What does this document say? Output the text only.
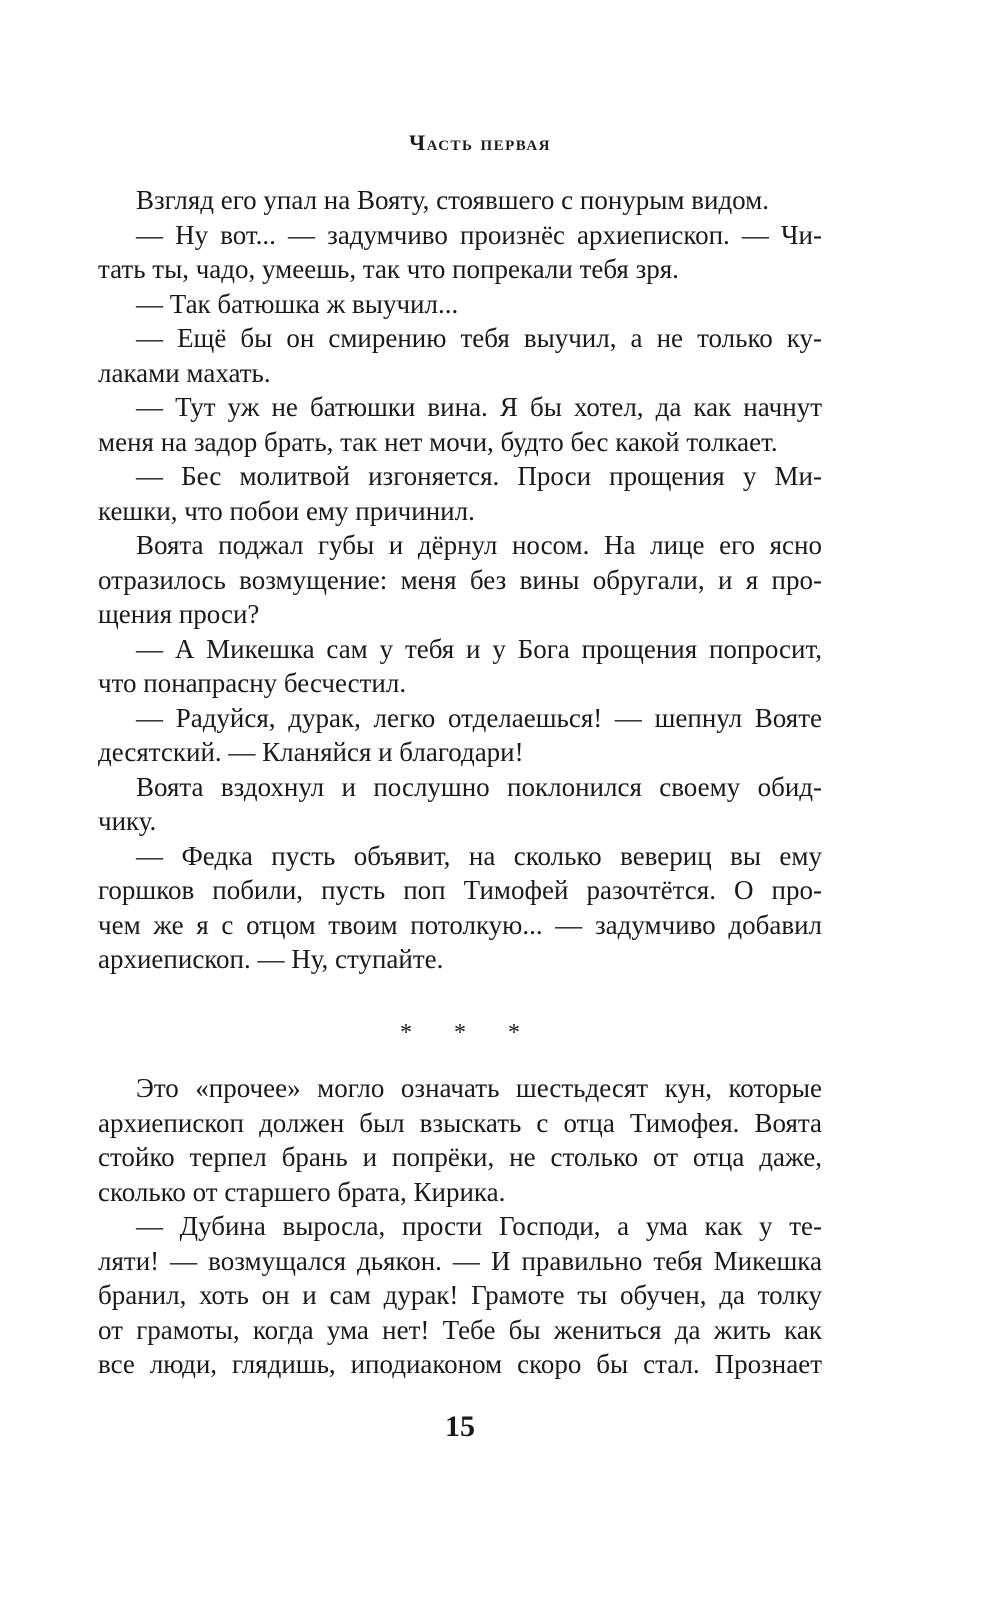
Часть первая
Взгляд его упал на Вояту, стоявшего с понурым видом.
— Ну вот... — задумчиво произнёс архиепископ. — Чи-
тать ты, чадо, умеешь, так что попрекали тебя зря.
— Так батюшка ж выучил...
— Ещё бы он смирению тебя выучил, а не только ку-
лаками махать.
— Тут уж не батюшки вина. Я бы хотел, да как начнут
меня на задор брать, так нет мочи, будто бес какой толкает.
— Бес молитвой изгоняется. Проси прощения у Ми-
кешки, что побои ему причинил.
Воята поджал губы и дёрнул носом. На лице его ясно
отразилось возмущение: меня без вины обругали, и я про-
щения проси?
— А Микешка сам у тебя и у Бога прощения попросит,
что понапрасну бесчестил.
— Радуйся, дурак, легко отделаешься! — шепнул Вояте
десятский. — Кланяйся и благодари!
Воята вздохнул и послушно поклонился своему обид-
чику.
— Федка пусть объявит, на сколько вевериц вы ему
горшков побили, пусть поп Тимофей разочтётся. О про-
чем же я с отцом твоим потолкую... — задумчиво добавил
архиепископ. — Ну, ступайте.
* * *
Это «прочее» могло означать шестьдесят кун, которые
архиепископ должен был взыскать с отца Тимофея. Воята
стойко терпел брань и попрёки, не столько от отца даже,
сколько от старшего брата, Кирика.
— Дубина выросла, прости Господи, а ума как у те-
ляти! — возмущался дьякон. — И правильно тебя Микешка
бранил, хоть он и сам дурак! Грамоте ты обучен, да толку
от грамоты, когда ума нет! Тебе бы жениться да жить как
все люди, глядишь, иподиаконом скоро бы стал. Прознает
15
